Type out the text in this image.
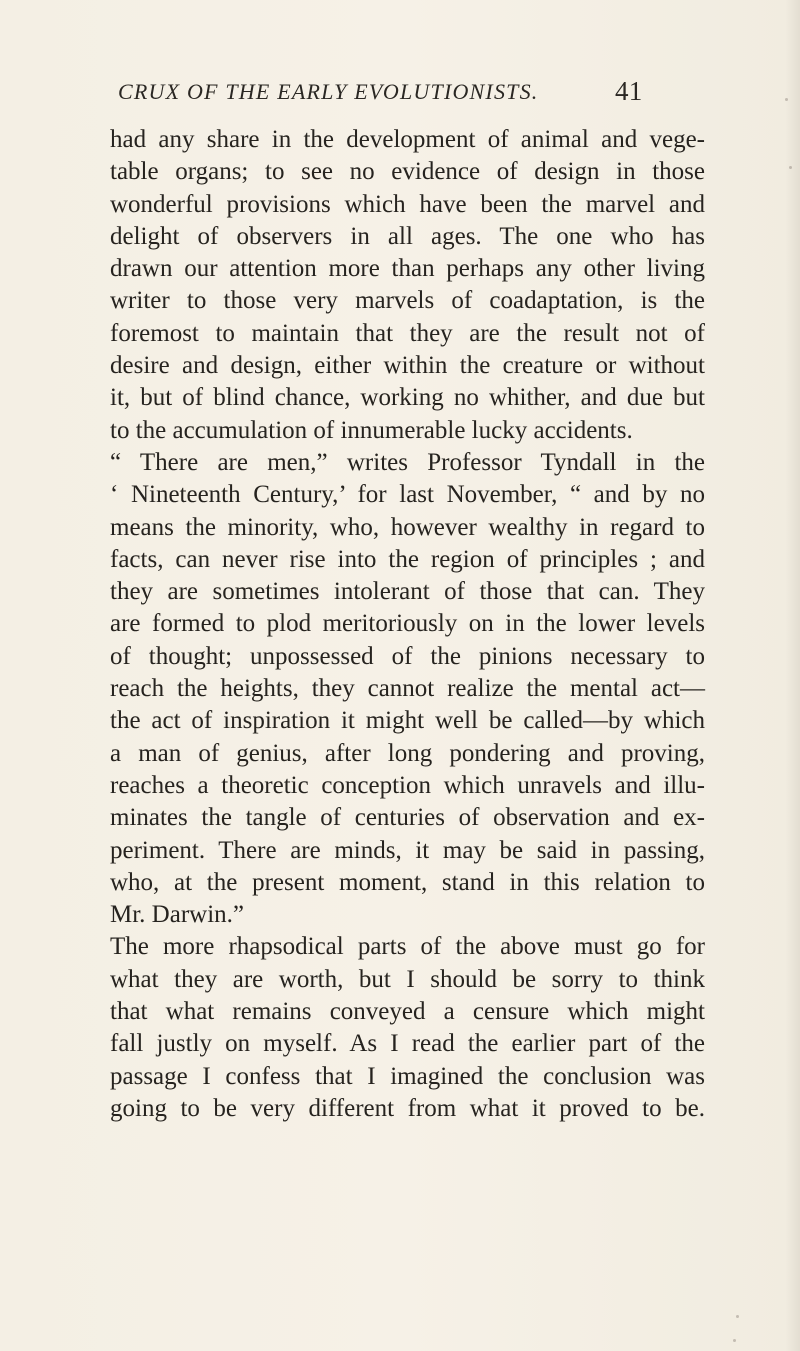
CRUX OF THE EARLY EVOLUTIONISTS.	41
had any share in the development of animal and vege-
table organs; to see no evidence of design in those
wonderful provisions which have been the marvel and
delight of observers in all ages. The one who has
drawn our attention more than perhaps any other living
writer to those very marvels of coadaptation, is the
foremost to maintain that they are the result not of
desire and design, either within the creature or without
it, but of blind chance, working no whither, and due but
to the accumulation of innumerable lucky accidents.
“ There are men,” writes Professor Tyndall in the
‘ Nineteenth Century,’ for last November, “ and by no
means the minority, who, however wealthy in regard to
facts, can never rise into the region of principles ; and
they are sometimes intolerant of those that can. They
are formed to plod meritoriously on in the lower levels
of thought; unpossessed of the pinions necessary to
reach the heights, they cannot realize the mental act—
the act of inspiration it might well be called—by which
a man of genius, after long pondering and proving,
reaches a theoretic conception which unravels and illu-
minates the tangle of centuries of observation and ex-
periment. There are minds, it may be said in passing,
who, at the present moment, stand in this relation to
Mr. Darwin.”
The more rhapsodical parts of the above must go for
what they are worth, but I should be sorry to think
that what remains conveyed a censure which might
fall justly on myself. As I read the earlier part of the
passage I confess that I imagined the conclusion was
going to be very different from what it proved to be.
